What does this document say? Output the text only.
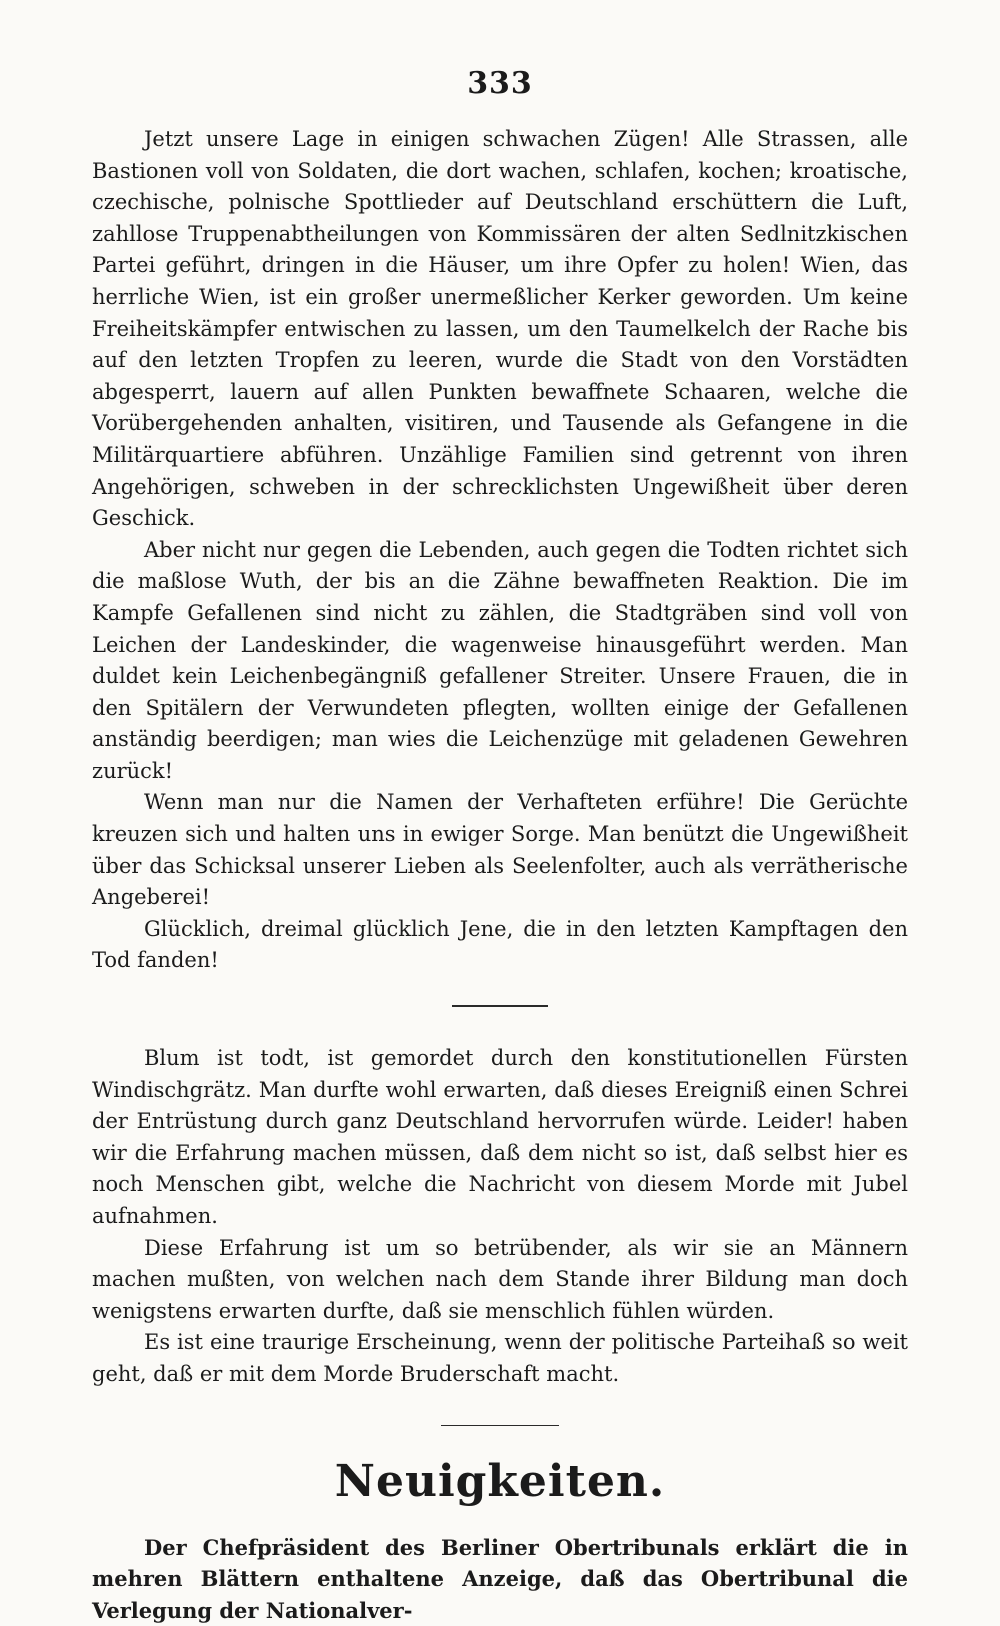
333

Jetzt unsere Lage in einigen schwachen Zügen! Alle Strassen, alle Bastionen voll von Soldaten, die dort wachen, schlafen, kochen; kroatische, czechische, polnische Spottlieder auf Deutschland erschüttern die Luft, zahllose Truppenabtheilungen von Kommissären der alten Sedlnitzkischen Partei geführt, dringen in die Häuser, um ihre Opfer zu holen! Wien, das herrliche Wien, ist ein großer unermeßlicher Kerker geworden. Um keine Freiheitskämpfer entwischen zu lassen, um den Taumelkelch der Rache bis auf den letzten Tropfen zu leeren, wurde die Stadt von den Vorstädten abgesperrt, lauern auf allen Punkten bewaffnete Schaaren, welche die Vorübergehenden anhalten, visitiren, und Tausende als Gefangene in die Militärquartiere abführen. Unzählige Familien sind getrennt von ihren Angehörigen, schweben in der schrecklichsten Ungewißheit über deren Geschick.

Aber nicht nur gegen die Lebenden, auch gegen die Todten richtet sich die maßlose Wuth, der bis an die Zähne bewaffneten Reaktion. Die im Kampfe Gefallenen sind nicht zu zählen, die Stadtgräben sind voll von Leichen der Landeskinder, die wagenweise hinausgeführt werden. Man duldet kein Leichenbegängniß gefallener Streiter. Unsere Frauen, die in den Spitälern der Verwundeten pflegten, wollten einige der Gefallenen anständig beerdigen; man wies die Leichenzüge mit geladenen Gewehren zurück!

Wenn man nur die Namen der Verhafteten erführe! Die Gerüchte kreuzen sich und halten uns in ewiger Sorge. Man benützt die Ungewißheit über das Schicksal unserer Lieben als Seelenfolter, auch als verrätherische Angeberei!

Glücklich, dreimal glücklich Jene, die in den letzten Kampftagen den Tod fanden!

Blum ist todt, ist gemordet durch den konstitutionellen Fürsten Windischgrätz. Man durfte wohl erwarten, daß dieses Ereigniß einen Schrei der Entrüstung durch ganz Deutschland hervorrufen würde. Leider! haben wir die Erfahrung machen müssen, daß dem nicht so ist, daß selbst hier es noch Menschen gibt, welche die Nachricht von diesem Morde mit Jubel aufnahmen.

Diese Erfahrung ist um so betrübender, als wir sie an Männern machen mußten, von welchen nach dem Stande ihrer Bildung man doch wenigstens erwarten durfte, daß sie menschlich fühlen würden.

Es ist eine traurige Erscheinung, wenn der politische Parteihaß so weit geht, daß er mit dem Morde Bruderschaft macht.

Neuigkeiten.

Der Chefpräsident des Berliner Obertribunals erklärt die in mehren Blättern enthaltene Anzeige, daß das Obertribunal die Verlegung der Nationalver-
